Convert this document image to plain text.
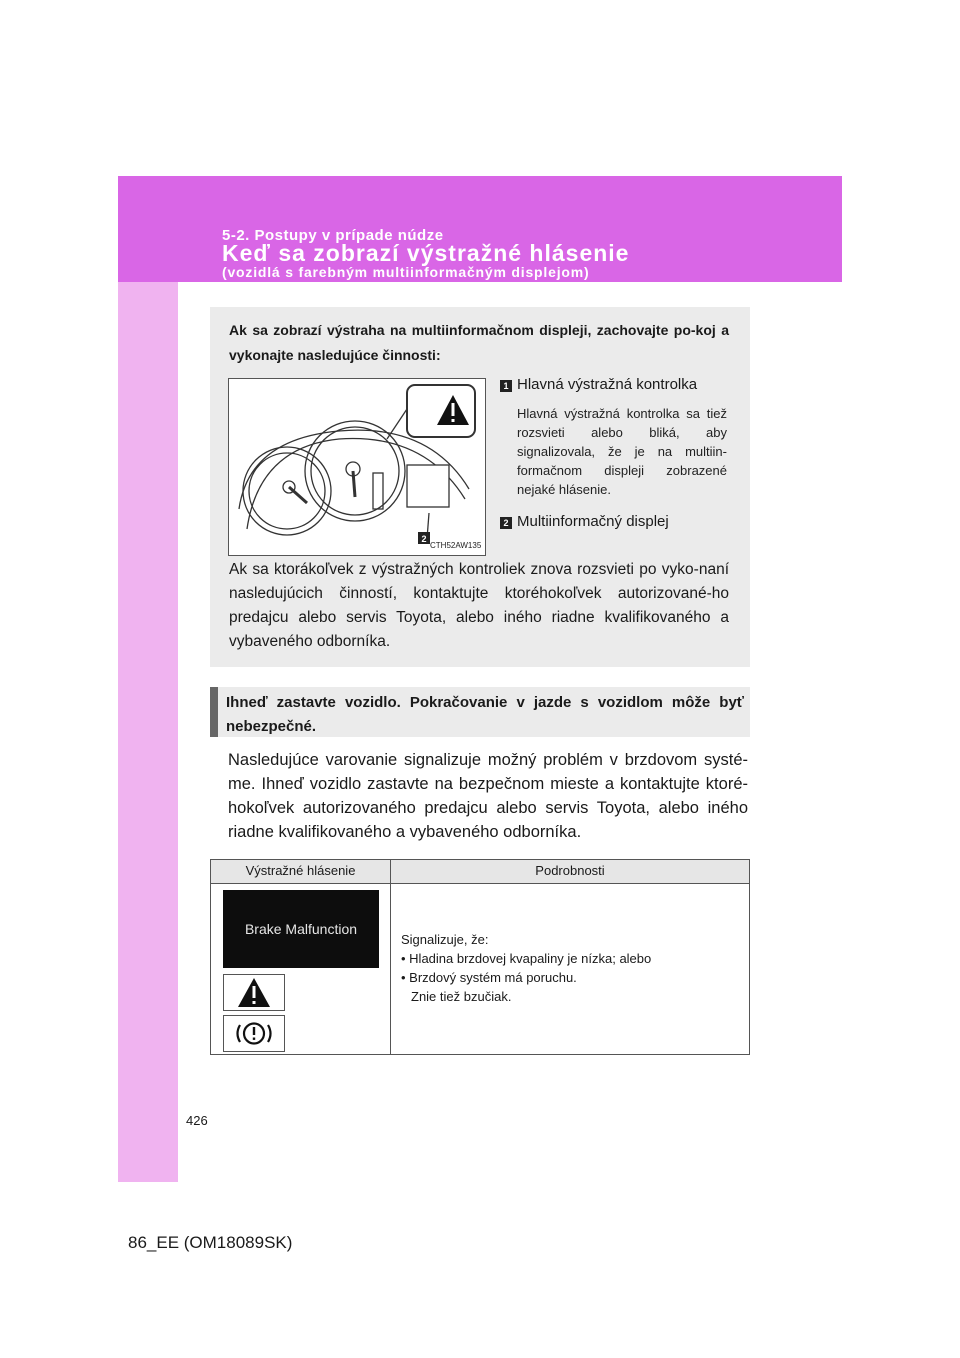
5-2. Postupy v prípade núdze
Keď sa zobrazí výstražné hlásenie
(vozidlá s farebným multiinformačným displejom)
Ak sa zobrazí výstraha na multiinformačnom displeji, zachovajte po-koj a vykonajte nasledujúce činnosti:
2
CTH52AW135
1 Hlavná výstražná kontrolka
Hlavná výstražná kontrolka sa tiež rozsvieti alebo bliká, aby signalizovala, že je na multiin-formačnom displeji zobrazené nejaké hlásenie.
2 Multiinformačný displej
Ak sa ktorákoľvek z výstražných kontroliek znova rozsvieti po vyko-naní nasledujúcich činností, kontaktujte ktoréhokoľvek autorizované-ho predajcu alebo servis Toyota, alebo iného riadne kvalifikovaného a vybaveného odborníka.
Ihneď zastavte vozidlo. Pokračovanie v jazde s vozidlom môže byť nebezpečné.
Nasledujúce varovanie signalizuje možný problém v brzdovom systé-me. Ihneď vozidlo zastavte na bezpečnom mieste a kontaktujte ktoré-hokoľvek autorizovaného predajcu alebo servis Toyota, alebo iného riadne kvalifikovaného a vybaveného odborníka.
Výstražné hlásenie	Podrobnosti
Brake Malfunction
Signalizuje, že:
• Hladina brzdovej kvapaliny je nízka; alebo
• Brzdový systém má poruchu.
Znie tiež bzučiak.
426
86_EE (OM18089SK)
